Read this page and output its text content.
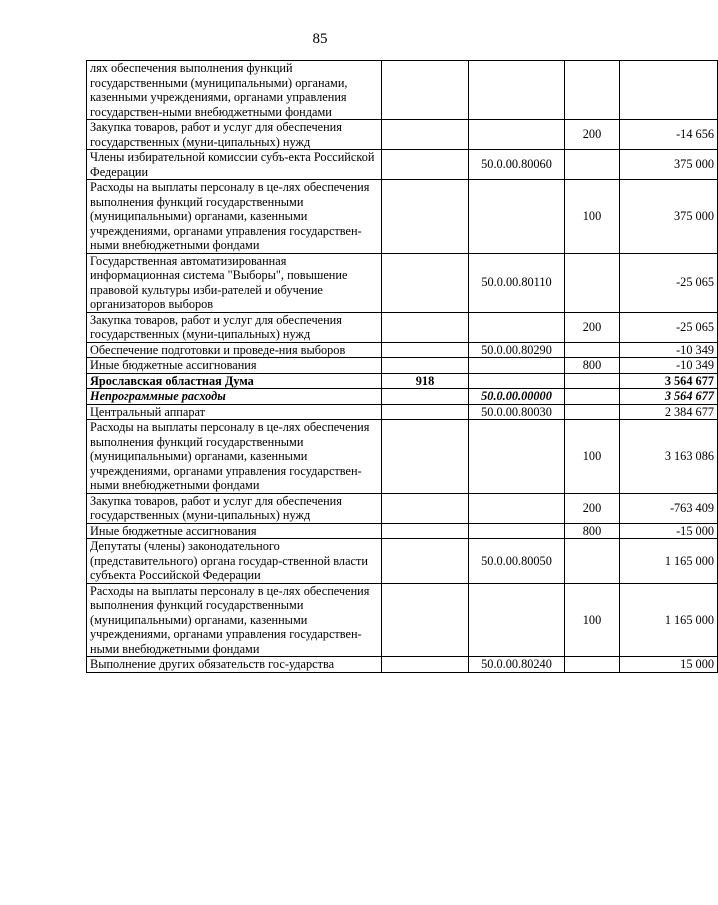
85
лях обеспечения выполнения функций государственными (муниципальными) органами, казенными учреждениями, органами управления государствен-ными внебюджетными фондами				
Закупка товаров, работ и услуг для обеспечения государственных (муни-ципальных) нужд			200	-14 656
Члены избирательной комиссии субъ-екта Российской Федерации		50.0.00.80060		375 000
Расходы на выплаты персоналу в це-лях обеспечения выполнения функций государственными (муниципальными) органами, казенными учреждениями, органами управления государствен-ными внебюджетными фондами			100	375 000
Государственная автоматизированная информационная система "Выборы", повышение правовой культуры изби-рателей и обучение организаторов выборов		50.0.00.80110		-25 065
Закупка товаров, работ и услуг для обеспечения государственных (муни-ципальных) нужд			200	-25 065
Обеспечение подготовки и проведе-ния выборов		50.0.00.80290		-10 349
Иные бюджетные ассигнования			800	-10 349
Ярославская областная Дума	918			3 564 677
Непрограммные расходы		50.0.00.00000		3 564 677
Центральный аппарат		50.0.00.80030		2 384 677
Расходы на выплаты персоналу в це-лях обеспечения выполнения функций государственными (муниципальными) органами, казенными учреждениями, органами управления государствен-ными внебюджетными фондами			100	3 163 086
Закупка товаров, работ и услуг для обеспечения государственных (муни-ципальных) нужд			200	-763 409
Иные бюджетные ассигнования			800	-15 000
Депутаты (члены) законодательного (представительного) органа государ-ственной власти субъекта Российской Федерации		50.0.00.80050		1 165 000
Расходы на выплаты персоналу в це-лях обеспечения выполнения функций государственными (муниципальными) органами, казенными учреждениями, органами управления государствен-ными внебюджетными фондами			100	1 165 000
Выполнение других обязательств гос-ударства		50.0.00.80240		15 000
